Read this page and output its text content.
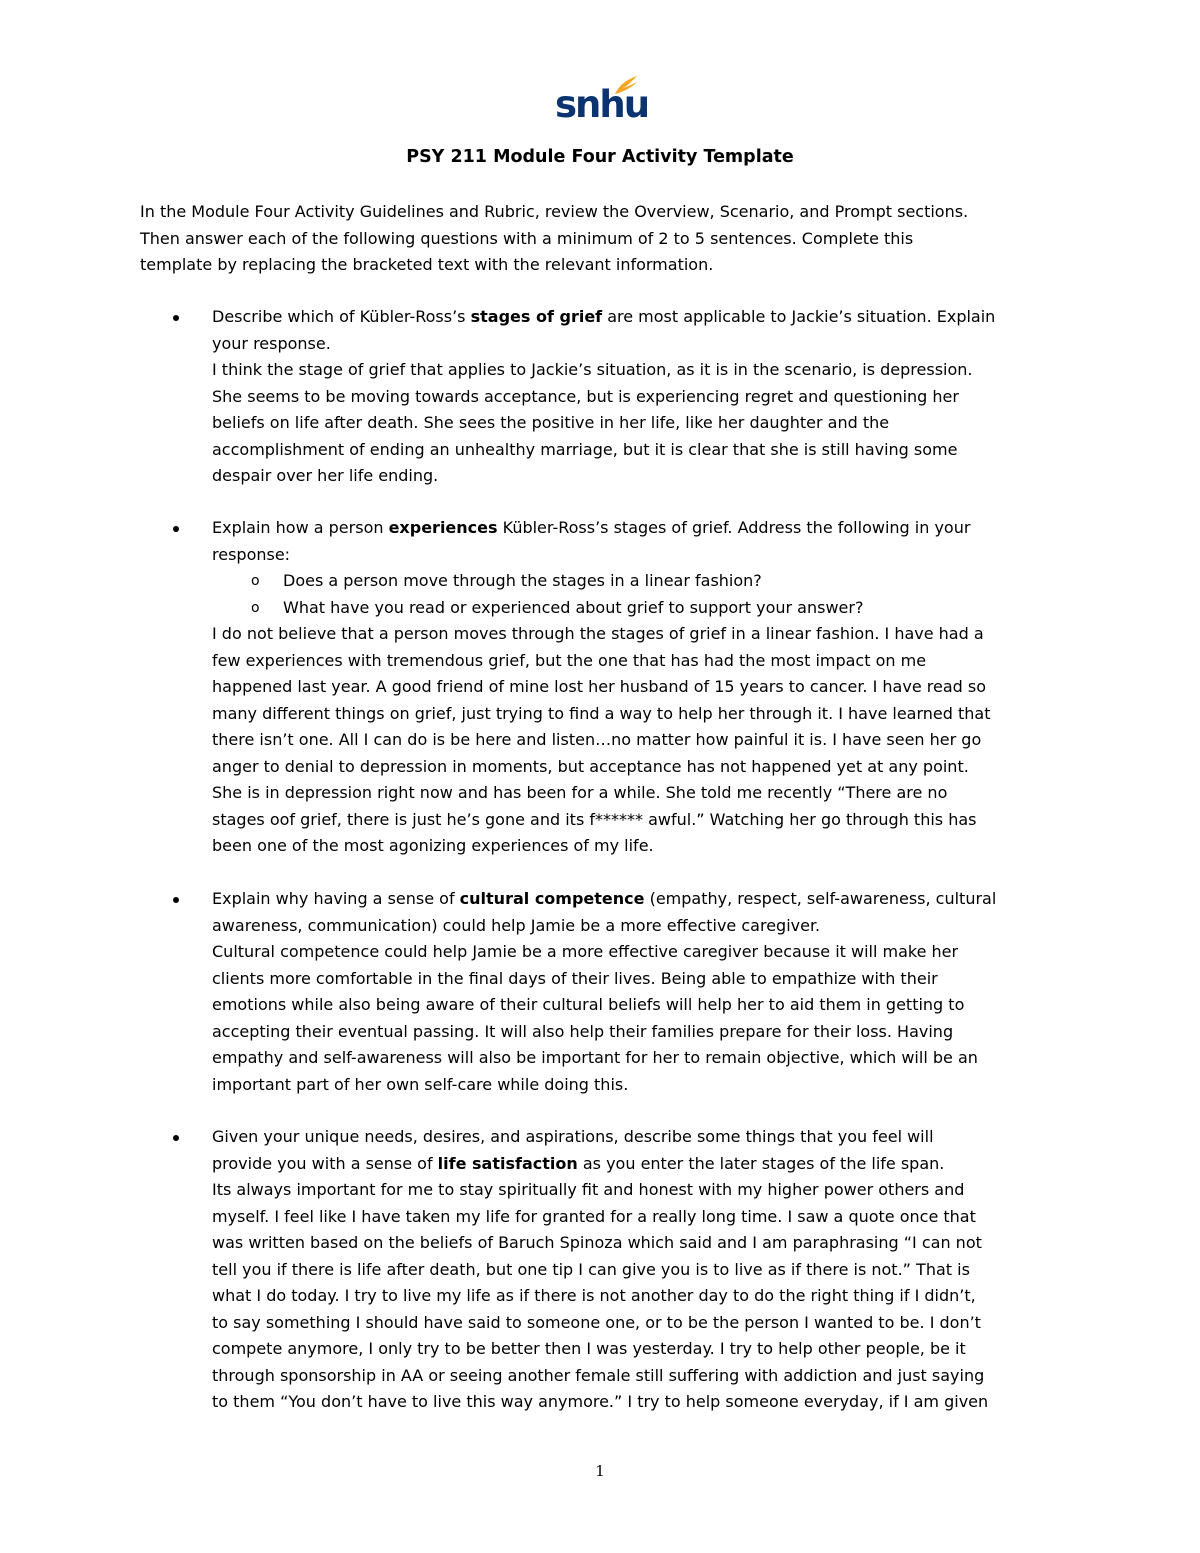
snhu
PSY 211 Module Four Activity Template
In the Module Four Activity Guidelines and Rubric, review the Overview, Scenario, and Prompt sections.
Then answer each of the following questions with a minimum of 2 to 5 sentences. Complete this
template by replacing the bracketed text with the relevant information.
Describe which of Kübler-Ross’s stages of grief are most applicable to Jackie’s situation. Explain
your response.
I think the stage of grief that applies to Jackie’s situation, as it is in the scenario, is depression.
She seems to be moving towards acceptance, but is experiencing regret and questioning her
beliefs on life after death. She sees the positive in her life, like her daughter and the
accomplishment of ending an unhealthy marriage, but it is clear that she is still having some
despair over her life ending.
Explain how a person experiences Kübler-Ross’s stages of grief. Address the following in your
response:
o Does a person move through the stages in a linear fashion?
o What have you read or experienced about grief to support your answer?
I do not believe that a person moves through the stages of grief in a linear fashion. I have had a
few experiences with tremendous grief, but the one that has had the most impact on me
happened last year. A good friend of mine lost her husband of 15 years to cancer. I have read so
many different things on grief, just trying to find a way to help her through it. I have learned that
there isn’t one. All I can do is be here and listen…no matter how painful it is. I have seen her go
anger to denial to depression in moments, but acceptance has not happened yet at any point.
She is in depression right now and has been for a while. She told me recently “There are no
stages oof grief, there is just he’s gone and its f****** awful.” Watching her go through this has
been one of the most agonizing experiences of my life.
Explain why having a sense of cultural competence (empathy, respect, self-awareness, cultural
awareness, communication) could help Jamie be a more effective caregiver.
Cultural competence could help Jamie be a more effective caregiver because it will make her
clients more comfortable in the final days of their lives. Being able to empathize with their
emotions while also being aware of their cultural beliefs will help her to aid them in getting to
accepting their eventual passing. It will also help their families prepare for their loss. Having
empathy and self-awareness will also be important for her to remain objective, which will be an
important part of her own self-care while doing this.
Given your unique needs, desires, and aspirations, describe some things that you feel will
provide you with a sense of life satisfaction as you enter the later stages of the life span.
Its always important for me to stay spiritually fit and honest with my higher power others and
myself. I feel like I have taken my life for granted for a really long time. I saw a quote once that
was written based on the beliefs of Baruch Spinoza which said and I am paraphrasing “I can not
tell you if there is life after death, but one tip I can give you is to live as if there is not.” That is
what I do today. I try to live my life as if there is not another day to do the right thing if I didn’t,
to say something I should have said to someone one, or to be the person I wanted to be. I don’t
compete anymore, I only try to be better then I was yesterday. I try to help other people, be it
through sponsorship in AA or seeing another female still suffering with addiction and just saying
to them “You don’t have to live this way anymore.” I try to help someone everyday, if I am given
1
